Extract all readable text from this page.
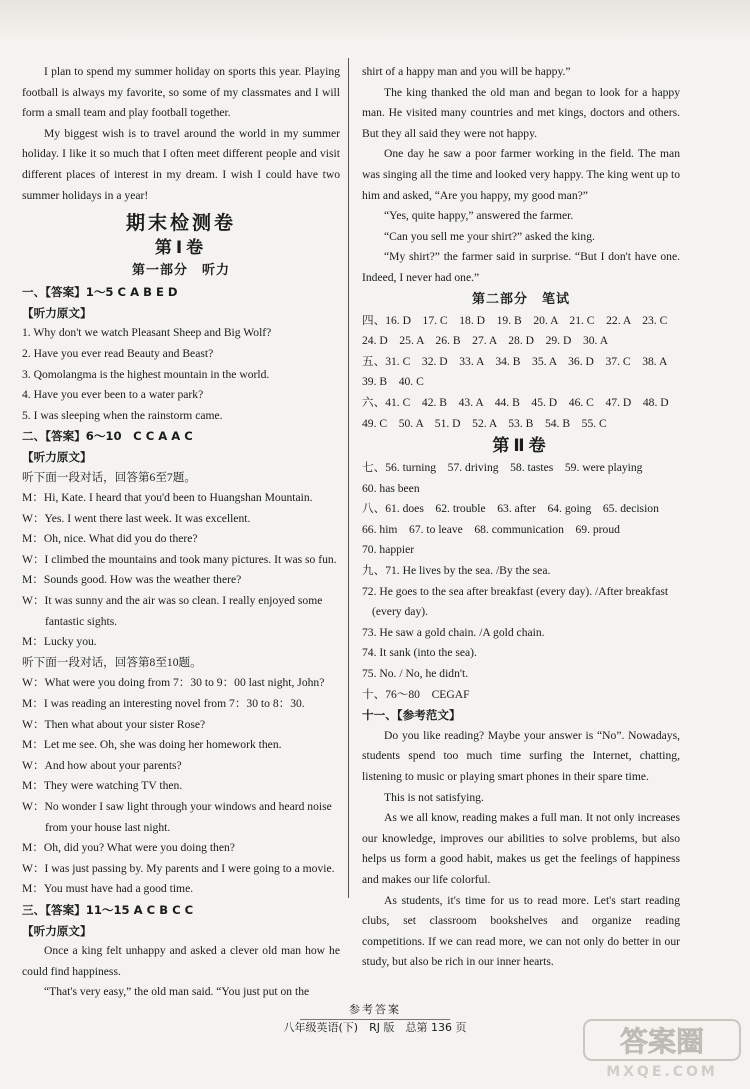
I plan to spend my summer holiday on sports this year. Playing football is always my favorite, so some of my classmates and I will form a small team and play football together.

My biggest wish is to travel around the world in my summer holiday. I like it so much that I often meet different people and visit different places of interest in my dream. I wish I could have two summer holidays in a year!

期末检测卷
第Ⅰ卷
第一部分　听力

一、【答案】1～5 C A B E D

【听力原文】

1. Why don't we watch Pleasant Sheep and Big Wolf?

2. Have you ever read Beauty and Beast?

3. Qomolangma is the highest mountain in the world.

4. Have you ever been to a water park?

5. I was sleeping when the rainstorm came.

二、【答案】6～10　C C A A C

【听力原文】

听下面一段对话，回答第6至7题。

M：Hi, Kate. I heard that you'd been to Huangshan Mountain.

W：Yes. I went there last week. It was excellent.

M：Oh, nice. What did you do there?

W：I climbed the mountains and took many pictures. It was so fun.

M：Sounds good. How was the weather there?

W：It was sunny and the air was so clean. I really enjoyed some fantastic sights.

M：Lucky you.

听下面一段对话，回答第8至10题。

W：What were you doing from 7：30 to 9：00 last night, John?

M：I was reading an interesting novel from 7：30 to 8：30.

W：Then what about your sister Rose?

M：Let me see. Oh, she was doing her homework then.

W：And how about your parents?

M：They were watching TV then.

W：No wonder I saw light through your windows and heard noise from your house last night.

M：Oh, did you? What were you doing then?

W：I was just passing by. My parents and I were going to a movie.

M：You must have had a good time.

三、【答案】11～15 A C B C C

【听力原文】

Once a king felt unhappy and asked a clever old man how he could find happiness.

“That's very easy,” the old man said. “You just put on the

shirt of a happy man and you will be happy.”

The king thanked the old man and began to look for a happy man. He visited many countries and met kings, doctors and others. But they all said they were not happy.

One day he saw a poor farmer working in the field. The man was singing all the time and looked very happy. The king went up to him and asked, “Are you happy, my good man?”

“Yes, quite happy,” answered the farmer.

“Can you sell me your shirt?” asked the king.

“My shirt?” the farmer said in surprise. “But I don't have one. Indeed, I never had one.”

第二部分　笔试

四、16. D　17. C　18. D　19. B　20. A　21. C　22. A　23. C

24. D　25. A　26. B　27. A　28. D　29. D　30. A

五、31. C　32. D　33. A　34. B　35. A　36. D　37. C　38. A

39. B　40. C

六、41. C　42. B　43. A　44. B　45. D　46. C　47. D　48. D

49. C　50. A　51. D　52. A　53. B　54. B　55. C

第Ⅱ卷

七、56. turning　57. driving　58. tastes　59. were playing

60. has been

八、61. does　62. trouble　63. after　64. going　65. decision

66. him　67. to leave　68. communication　69. proud

70. happier

九、71. He lives by the sea. /By the sea.

72. He goes to the sea after breakfast (every day). /After breakfast

(every day).

73. He saw a gold chain. /A gold chain.

74. It sank (into the sea).

75. No. / No, he didn't.

十、76～80　CEGAF

十一、【参考范文】

Do you like reading? Maybe your answer is “No”. Nowadays, students spend too much time surfing the Internet, chatting, listening to music or playing smart phones in their spare time.

This is not satisfying.

As we all know, reading makes a full man. It not only increases our knowledge, improves our abilities to solve problems, but also helps us form a good habit, makes us get the feelings of happiness and makes our life colorful.

As students, it's time for us to read more. Let's start reading clubs, set classroom bookshelves and organize reading competitions. If we can read more, we can not only do better in our study, but also be rich in our inner hearts.

参考答案
八年级英语(下)　RJ 版　总第 136 页	答案圈
MXQE.COM
